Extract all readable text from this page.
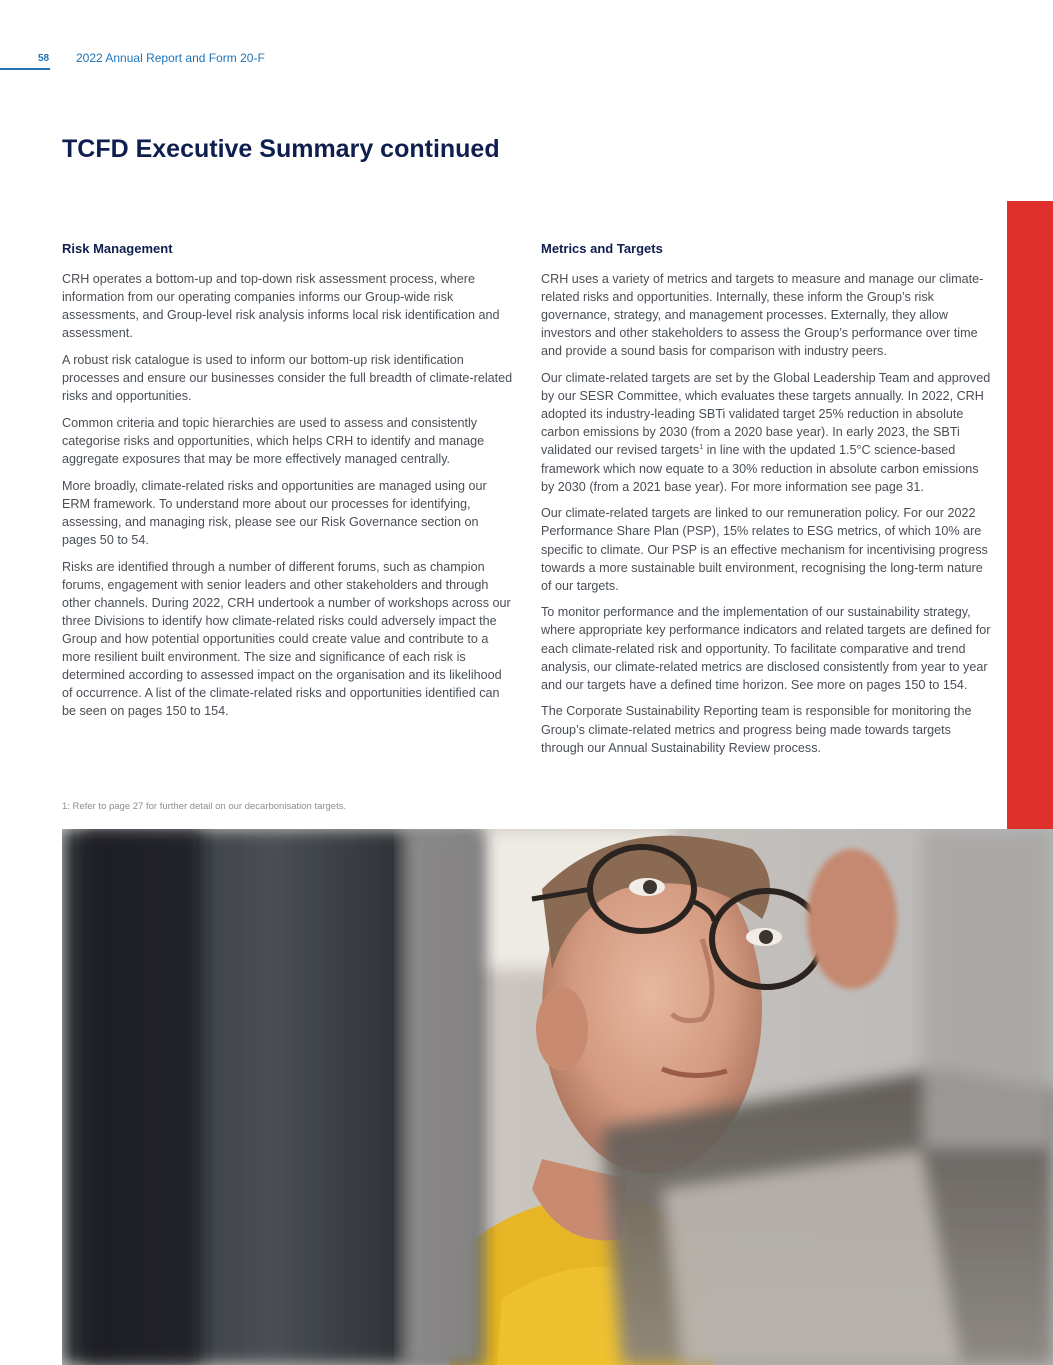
58 2022 Annual Report and Form 20-F
TCFD Executive Summary continued
Risk Management

CRH operates a bottom-up and top-down risk assessment process, where information from our operating companies informs our Group-wide risk assessments, and Group-level risk analysis informs local risk identification and assessment.

A robust risk catalogue is used to inform our bottom-up risk identification processes and ensure our businesses consider the full breadth of climate-related risks and opportunities.

Common criteria and topic hierarchies are used to assess and consistently categorise risks and opportunities, which helps CRH to identify and manage aggregate exposures that may be more effectively managed centrally.

More broadly, climate-related risks and opportunities are managed using our ERM framework. To understand more about our processes for identifying, assessing, and managing risk, please see our Risk Governance section on pages 50 to 54.

Risks are identified through a number of different forums, such as champion forums, engagement with senior leaders and other stakeholders and through other channels. During 2022, CRH undertook a number of workshops across our three Divisions to identify how climate-related risks could adversely impact the Group and how potential opportunities could create value and contribute to a more resilient built environment. The size and significance of each risk is determined according to assessed impact on the organisation and its likelihood of occurrence. A list of the climate-related risks and opportunities identified can be seen on pages 150 to 154.

Metrics and Targets

CRH uses a variety of metrics and targets to measure and manage our climate-related risks and opportunities. Internally, these inform the Group’s risk governance, strategy, and management processes. Externally, they allow investors and other stakeholders to assess the Group’s performance over time and provide a sound basis for comparison with industry peers.

Our climate-related targets are set by the Global Leadership Team and approved by our SESR Committee, which evaluates these targets annually. In 2022, CRH adopted its industry-leading SBTi validated target 25% reduction in absolute carbon emissions by 2030 (from a 2020 base year). In early 2023, the SBTi validated our revised targets$^1$ in line with the updated 1.5°C science-based framework which now equate to a 30% reduction in absolute carbon emissions by 2030 (from a 2021 base year). For more information see page 31.

Our climate-related targets are linked to our remuneration policy. For our 2022 Performance Share Plan (PSP), 15% relates to ESG metrics, of which 10% are specific to climate. Our PSP is an effective mechanism for incentivising progress towards a more sustainable built environment, recognising the long-term nature of our targets.

To monitor performance and the implementation of our sustainability strategy, where appropriate key performance indicators and related targets are defined for each climate-related risk and opportunity. To facilitate comparative and trend analysis, our climate-related metrics are disclosed consistently from year to year and our targets have a defined time horizon. See more on pages 150 to 154.

The Corporate Sustainability Reporting team is responsible for monitoring the Group’s climate-related metrics and progress being made towards targets through our Annual Sustainability Review process.

1: Refer to page 27 for further detail on our decarbonisation targets.
